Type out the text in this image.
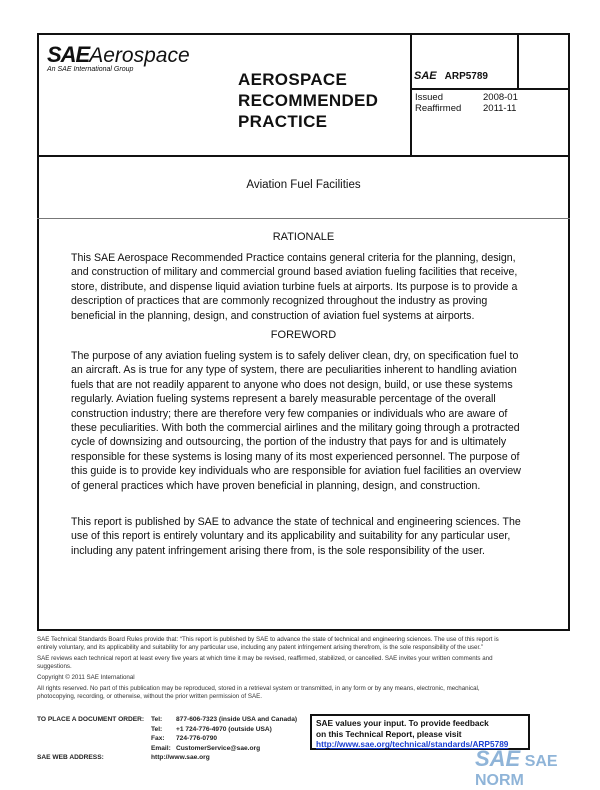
SAEAerospace
An SAE International Group
AEROSPACE
RECOMMENDED
PRACTICE
SAE ARP5789
Issued	2008-01
Reaffirmed 2011-11
Aviation Fuel Facilities
RATIONALE
This SAE Aerospace Recommended Practice contains general criteria for the planning, design,
and construction of military and commercial ground based aviation fueling facilities that receive,
store, distribute, and dispense liquid aviation turbine fuels at airports. Its purpose is to provide a
description of practices that are commonly recognized throughout the industry as proving
beneficial in the planning, design, and construction of aviation fuel systems at airports.
FOREWORD
The purpose of any aviation fueling system is to safely deliver clean, dry, on specification fuel to
an aircraft. As is true for any type of system, there are peculiarities inherent to handling aviation
fuels that are not readily apparent to anyone who does not design, build, or use these systems
regularly. Aviation fueling systems represent a barely measurable percentage of the overall
construction industry; there are therefore very few companies or individuals who are aware of
these peculiarities. With both the commercial airlines and the military going through a protracted
cycle of downsizing and outsourcing, the portion of the industry that pays for and is ultimately
responsible for these systems is losing many of its most experienced personnel. The purpose of
this guide is to provide key individuals who are responsible for aviation fuel facilities an overview
of general practices which have proven beneficial in planning, design, and construction.
This report is published by SAE to advance the state of technical and engineering sciences. The
use of this report is entirely voluntary and its applicability and suitability for any particular user,
including any patent infringement arising there from, is the sole responsibility of the user.
SAE Technical Standards Board Rules provide that: “This report is published by SAE to advance the state of technical and engineering sciences. The use of this report is
entirely voluntary, and its applicability and suitability for any particular use, including any patent infringement arising therefrom, is the sole responsibility of the user.”
SAE reviews each technical report at least every five years at which time it may be revised, reaffirmed, stabilized, or cancelled. SAE invites your written comments and
suggestions.
Copyright © 2011 SAE International
All rights reserved. No part of this publication may be reproduced, stored in a retrieval system or transmitted, in any form or by any means, electronic, mechanical,
photocopying, recording, or otherwise, without the prior written permission of SAE.
TO PLACE A DOCUMENT ORDER: Tel:
Tel:
Fax:
Email:
877-606-7323 (inside USA and Canada)
+1 724-776-4970 (outside USA)
724-776-0790
CustomerService@sae.org
SAE WEB ADDRESS:	http://www.sae.org
SAE values your input. To provide feedback
on this Technical Report, please visit
http://www.sae.org/technical/standards/ARP5789
SAE SAE NORM
